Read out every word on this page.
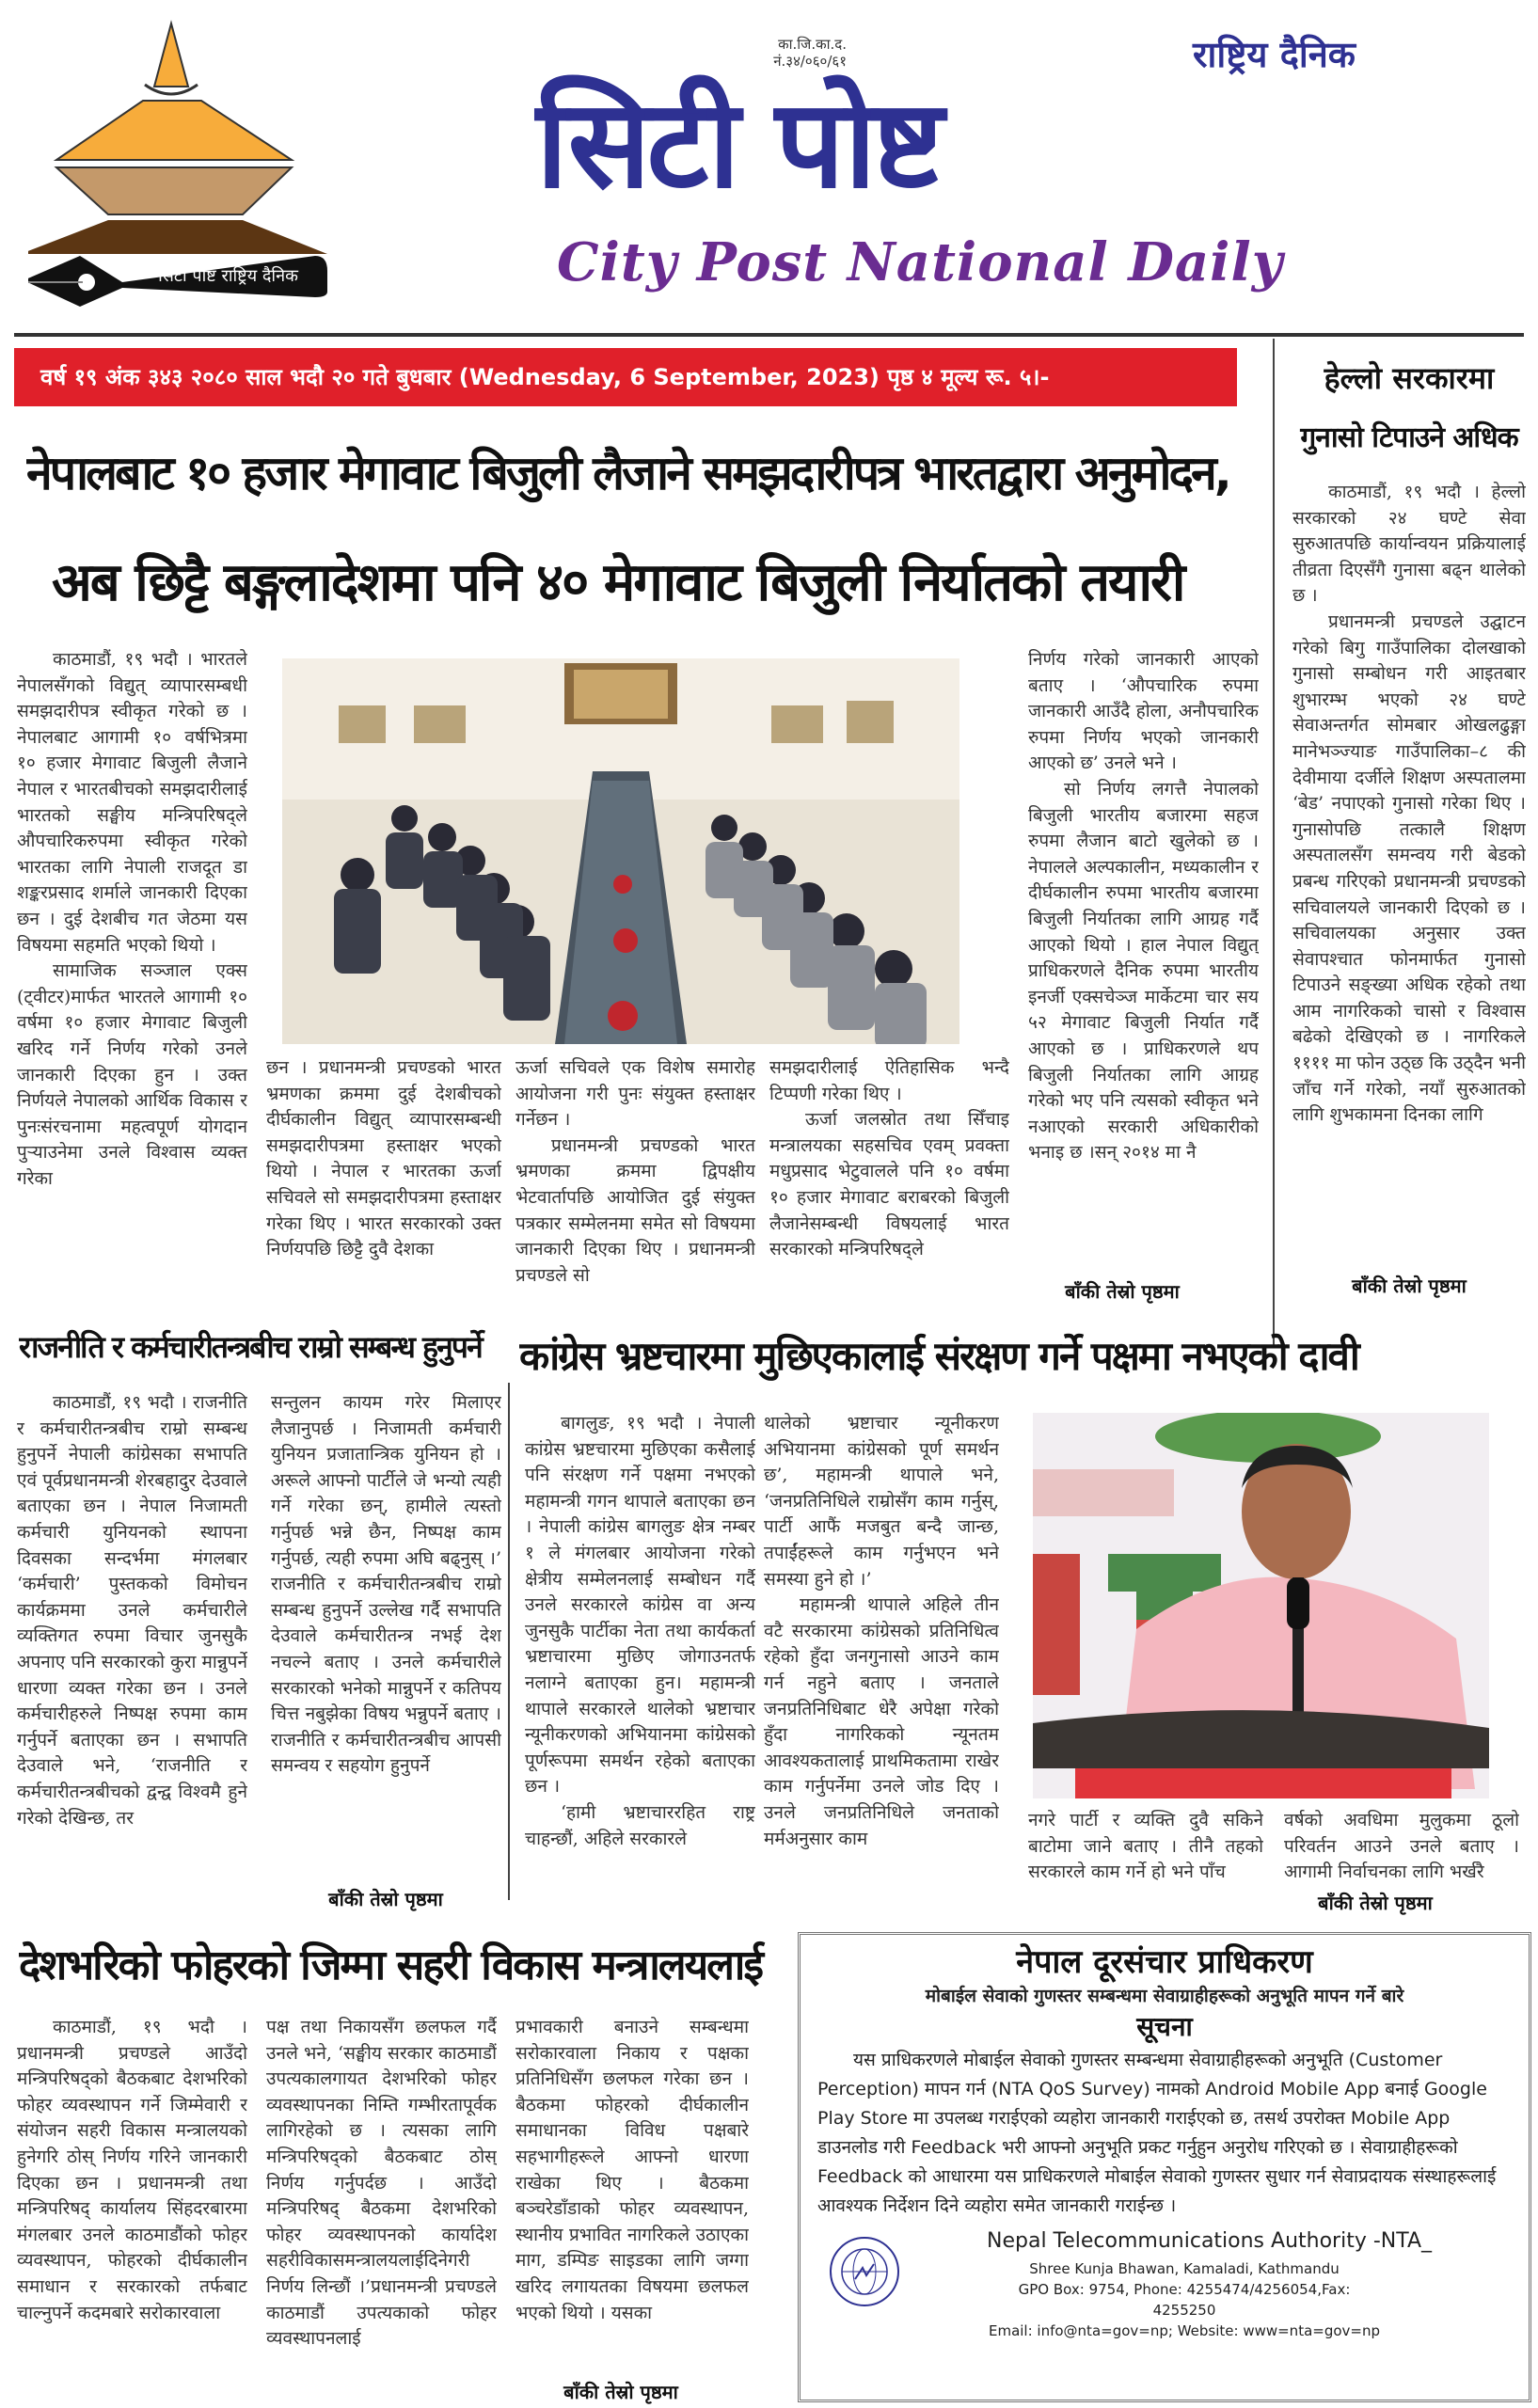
सिटी पोष्ट राष्ट्रिय दैनिक
का.जि.का.द.
नं.३४/०६०/६१
सिटी पोष्ट
राष्ट्रिय दैनिक
City Post National Daily
वर्ष १९ अंक ३४३ २०८० साल भदौ २० गते बुधबार (Wednesday, 6 September, 2023) पृष्ठ ४ मूल्य रू. ५।-
नेपालबाट १० हजार मेगावाट बिजुली लैजाने समझदारीपत्र भारतद्वारा अनुमोदन,
अब छिट्टै बङ्गलादेशमा पनि ४० मेगावाट बिजुली निर्यातको तयारी

काठमाडौं, १९ भदौ । भारतले नेपालसँगको विद्युत् व्यापारसम्बधी समझदारीपत्र स्वीकृत गरेको छ । नेपालबाट आगामी १० वर्षभित्रमा १० हजार मेगावाट बिजुली लैजाने नेपाल र भारतबीचको समझदारीलाई भारतको सङ्घीय मन्त्रिपरिषद्ले औपचारिकरुपमा स्वीकृत गरेको भारतका लागि नेपाली राजदूत डा शङ्करप्रसाद शर्माले जानकारी दिएका छन । दुई देशबीच गत जेठमा यस विषयमा सहमति भएको थियो ।

सामाजिक सञ्जाल एक्स (ट्वीटर)मार्फत भारतले आगामी १० वर्षमा १० हजार मेगावाट बिजुली खरिद गर्ने निर्णय गरेको उनले जानकारी दिएका हुन । उक्त निर्णयले नेपालको आर्थिक विकास र पुनःसंरचनामा महत्वपूर्ण योगदान पुऱ्याउनेमा उनले विश्वास व्यक्त गरेका

छन । प्रधानमन्त्री प्रचण्डको भारत भ्रमणका क्रममा दुई देशबीचको दीर्घकालीन विद्युत् व्यापारसम्बन्धी समझदारीपत्रमा हस्ताक्षर भएको थियो । नेपाल र भारतका ऊर्जा सचिवले सो समझदारीपत्रमा हस्ताक्षर गरेका थिए । भारत सरकारको उक्त निर्णयपछि छिट्टै दुवै देशका
ऊर्जा सचिवले एक विशेष समारोह आयोजना गरी पुनः संयुक्त हस्ताक्षर गर्नेछन ।

प्रधानमन्त्री प्रचण्डको भारत भ्रमणका क्रममा द्विपक्षीय भेटवार्तापछि आयोजित दुई संयुक्त पत्रकार सम्मेलनमा समेत सो विषयमा जानकारी दिएका थिए । प्रधानमन्त्री प्रचण्डले सो

समझदारीलाई ऐतिहासिक भन्दै टिप्पणी गरेका थिए ।

ऊर्जा जलस्रोत तथा सिँचाइ मन्त्रालयका सहसचिव एवम् प्रवक्ता मधुप्रसाद भेटुवालले पनि १० वर्षमा १० हजार मेगावाट बराबरको बिजुली लैजानेसम्बन्धी विषयलाई भारत सरकारको मन्त्रिपरिषद्ले

निर्णय गरेको जानकारी आएको बताए । ‘औपचारिक रुपमा जानकारी आउँदै होला, अनौपचारिक रुपमा निर्णय भएको जानकारी आएको छ’ उनले भने ।

सो निर्णय लगत्तै नेपालको बिजुली भारतीय बजारमा सहज रुपमा लैजान बाटो खुलेको छ । नेपालले अल्पकालीन, मध्यकालीन र दीर्घकालीन रुपमा भारतीय बजारमा बिजुली निर्यातका लागि आग्रह गर्दै आएको थियो । हाल नेपाल विद्युत् प्राधिकरणले दैनिक रुपमा भारतीय इनर्जी एक्सचेञ्ज मार्केटमा चार सय ५२ मेगावाट बिजुली निर्यात गर्दै आएको छ । प्राधिकरणले थप बिजुली निर्यातका लागि आग्रह गरेको भए पनि त्यसको स्वीकृत भने नआएको सरकारी अधिकारीको भनाइ छ ।सन् २०१४ मा नै

बाँकी तेस्रो पृष्ठमा
हेल्लो सरकारमा
गुनासो टिपाउने अधिक

काठमाडौं, १९ भदौ । हेल्लो सरकारको २४ घण्टे सेवा सुरुआतपछि कार्यान्वयन प्रक्रियालाई तीव्रता दिएसँगै गुनासा बढ्न थालेको छ ।

प्रधानमन्त्री प्रचण्डले उद्घाटन गरेको बिगु गाउँपालिका दोलखाको गुनासो सम्बोधन गरी आइतबार शुभारम्भ भएको २४ घण्टे सेवाअन्तर्गत सोमबार ओखलढुङ्गा मानेभञ्ज्याङ गाउँपालिका–८ की देवीमाया दर्जीले शिक्षण अस्पतालमा ‘बेड’ नपाएको गुनासो गरेका थिए । गुनासोपछि तत्कालै शिक्षण अस्पतालसँग समन्वय गरी बेडको प्रबन्ध गरिएको प्रधानमन्त्री प्रचण्डको सचिवालयले जानकारी दिएको छ । सचिवालयका अनुसार उक्त सेवापश्चात फोनमार्फत गुनासो टिपाउने सङ्ख्या अधिक रहेको तथा आम नागरिकको चासो र विश्वास बढेको देखिएको छ । नागरिकले ११११ मा फोन उठ्छ कि उठ्दैन भनी जाँच गर्ने गरेको, नयाँ सुरुआतको लागि शुभकामना दिनका लागि

बाँकी तेस्रो पृष्ठमा
राजनीति र कर्मचारीतन्त्रबीच राम्रो सम्बन्ध हुनुपर्ने

काठमाडौं, १९ भदौ । राजनीति र कर्मचारीतन्त्रबीच राम्रो सम्बन्ध हुनुपर्ने नेपाली कांग्रेसका सभापति एवं पूर्वप्रधानमन्त्री शेरबहादुर देउवाले बताएका छन । नेपाल निजामती कर्मचारी युनियनको स्थापना दिवसका सन्दर्भमा मंगलबार ‘कर्मचारी’ पुस्तकको विमोचन कार्यक्रममा उनले कर्मचारीले व्यक्तिगत रुपमा विचार जुनसुकै अपनाए पनि सरकारको कुरा मान्नुपर्ने धारणा व्यक्त गरेका छन । उनले कर्मचारीहरुले निष्पक्ष रुपमा काम गर्नुपर्ने बताएका छन । सभापति देउवाले भने, ‘राजनीति र कर्मचारीतन्त्रबीचको द्वन्द्व विश्वमै हुने गरेको देखिन्छ, तर

सन्तुलन कायम गरेर मिलाएर लैजानुपर्छ । निजामती कर्मचारी युनियन प्रजातान्त्रिक युनियन हो । अरूले आफ्नो पार्टीले जे भन्यो त्यही गर्ने गरेका छन्, हामीले त्यस्तो गर्नुपर्छ भन्ने छैन, निष्पक्ष काम गर्नुपर्छ, त्यही रुपमा अघि बढ्नुस् ।’ राजनीति र कर्मचारीतन्त्रबीच राम्रो सम्बन्ध हुनुपर्ने उल्लेख गर्दै सभापति देउवाले कर्मचारीतन्त्र नभई देश नचल्ने बताए । उनले कर्मचारीले सरकारको भनेको मान्नुपर्ने र कतिपय चित्त नबुझेका विषय भन्नुपर्ने बताए । राजनीति र कर्मचारीतन्त्रबीच आपसी समन्वय र सहयोग हुनुपर्ने
बाँकी तेस्रो पृष्ठमा
कांग्रेस भ्रष्टचारमा मुछिएकालाई संरक्षण गर्ने पक्षमा नभएको दावी

बागलुङ, १९ भदौ । नेपाली कांग्रेस भ्रष्टचारमा मुछिएका कसैलाई पनि संरक्षण गर्ने पक्षमा नभएको महामन्त्री गगन थापाले बताएका छन । नेपाली कांग्रेस बागलुङ क्षेत्र नम्बर १ ले मंगलबार आयोजना गरेको क्षेत्रीय सम्मेलनलाई सम्बोधन गर्दै उनले सरकारले कांग्रेस वा अन्य जुनसुकै पार्टीका नेता तथा कार्यकर्ता भ्रष्टाचारमा मुछिए जोगाउनतर्फ नलाग्ने बताएका हुन। महामन्त्री थापाले सरकारले थालेको भ्रष्टाचार न्यूनीकरणको अभियानमा कांग्रेसको पूर्णरूपमा समर्थन रहेको बताएका छन ।

‘हामी भ्रष्टाचाररहित राष्ट्र चाहन्छौं, अहिले सरकारले

थालेको भ्रष्टाचार न्यूनीकरण अभियानमा कांग्रेसको पूर्ण समर्थन छ’, महामन्त्री थापाले भने, ‘जनप्रतिनिधिले राम्रोसँग काम गर्नुस्, पार्टी आफैं मजबुत बन्दै जान्छ, तपाईंहरूले काम गर्नुभएन भने समस्या हुने हो ।’

महामन्त्री थापाले अहिले तीन वटै सरकारमा कांग्रेसको प्रतिनिधित्व रहेको हुँदा जनगुनासो आउने काम गर्न नहुने बताए । जनताले जनप्रतिनिधिबाट धेरै अपेक्षा गरेको हुँदा नागरिकको न्यूनतम आवश्यकतालाई प्राथमिकतामा राखेर काम गर्नुपर्नेमा उनले जोड दिए । उनले जनप्रतिनिधिले जनताको मर्मअनुसार काम

नगरे पार्टी र व्यक्ति दुवै सकिने बाटोमा जाने बताए । तीनै तहको सरकारले काम गर्ने हो भने पाँच
वर्षको अवधिमा मुलुकमा ठूलो परिवर्तन आउने उनले बताए । आगामी निर्वाचनका लागि भर्खरै
बाँकी तेस्रो पृष्ठमा
देशभरिको फोहरको जिम्मा सहरी विकास मन्त्रालयलाई

काठमाडौं, १९ भदौ । प्रधानमन्त्री प्रचण्डले आउँदो मन्त्रिपरिषद्को बैठकबाट देशभरिको फोहर व्यवस्थापन गर्ने जिम्मेवारी र संयोजन सहरी विकास मन्त्रालयको हुनेगरि ठोस् निर्णय गरिने जानकारी दिएका छन । प्रधानमन्त्री तथा मन्त्रिपरिषद् कार्यालय सिंहदरबारमा मंगलबार उनले काठमाडौंको फोहर व्यवस्थापन, फोहरको दीर्घकालीन समाधान र सरकारको तर्फबाट चाल्नुपर्ने कदमबारे सरोकारवाला

पक्ष तथा निकायसँग छलफल गर्दै उनले भने, ‘सङ्घीय सरकार काठमाडौं उपत्यकालगायत देशभरिको फोहर व्यवस्थापनका निम्ति गम्भीरतापूर्वक लागिरहेको छ । त्यसका लागि मन्त्रिपरिषद्को बैठकबाट ठोस् निर्णय गर्नुपर्दछ । आउँदो मन्त्रिपरिषद् बैठकमा देशभरिको फोहर व्यवस्थापनको कार्यादेश सहरीविकासमन्त्रालयलाईदिनेगरी निर्णय लिन्छौं ।’प्रधानमन्त्री प्रचण्डले काठमाडौं उपत्यकाको फोहर व्यवस्थापनलाई
प्रभावकारी बनाउने सम्बन्धमा सरोकारवाला निकाय र पक्षका प्रतिनिधिसँग छलफल गरेका छन । बैठकमा फोहरको दीर्घकालीन समाधानका विविध पक्षबारे सहभागीहरूले आफ्नो धारणा राखेका थिए । बैठकमा बञ्चरेडाँडाको फोहर व्यवस्थापन, स्थानीय प्रभावित नागरिकले उठाएका माग, डम्पिङ साइडका लागि जग्गा खरिद लगायतका विषयमा छलफल भएको थियो । यसका
बाँकी तेस्रो पृष्ठमा
नेपाल दूरसंचार प्राधिकरण
मोबाईल सेवाको गुणस्तर सम्बन्धमा सेवाग्राहीहरूको अनुभूति मापन गर्ने बारे
सूचना
यस प्राधिकरणले मोबाईल सेवाको गुणस्तर सम्बन्धमा सेवाग्राहीहरूको अनुभूति (Customer Perception) मापन गर्न (NTA QoS Survey) नामको Android Mobile App बनाई Google Play Store मा उपलब्ध गराईएको व्यहोरा जानकारी गराईएको छ, तसर्थ उपरोक्त Mobile App डाउनलोड गरी Feedback भरी आफ्नो अनुभूति प्रकट गर्नुहुन अनुरोध गरिएको छ । सेवाग्राहीहरूको Feedback को आधारमा यस प्राधिकरणले मोबाईल सेवाको गुणस्तर सुधार गर्न सेवाप्रदायक संस्थाहरूलाई आवश्यक निर्देशन दिने व्यहोरा समेत जानकारी गराईन्छ ।
Nepal Telecommunications Authority -NTA_
Shree Kunja Bhawan, Kamaladi, Kathmandu
GPO Box: 9754, Phone: 4255474/4256054,Fax: 4255250
Email: info@nta=gov=np; Website: www=nta=gov=np
